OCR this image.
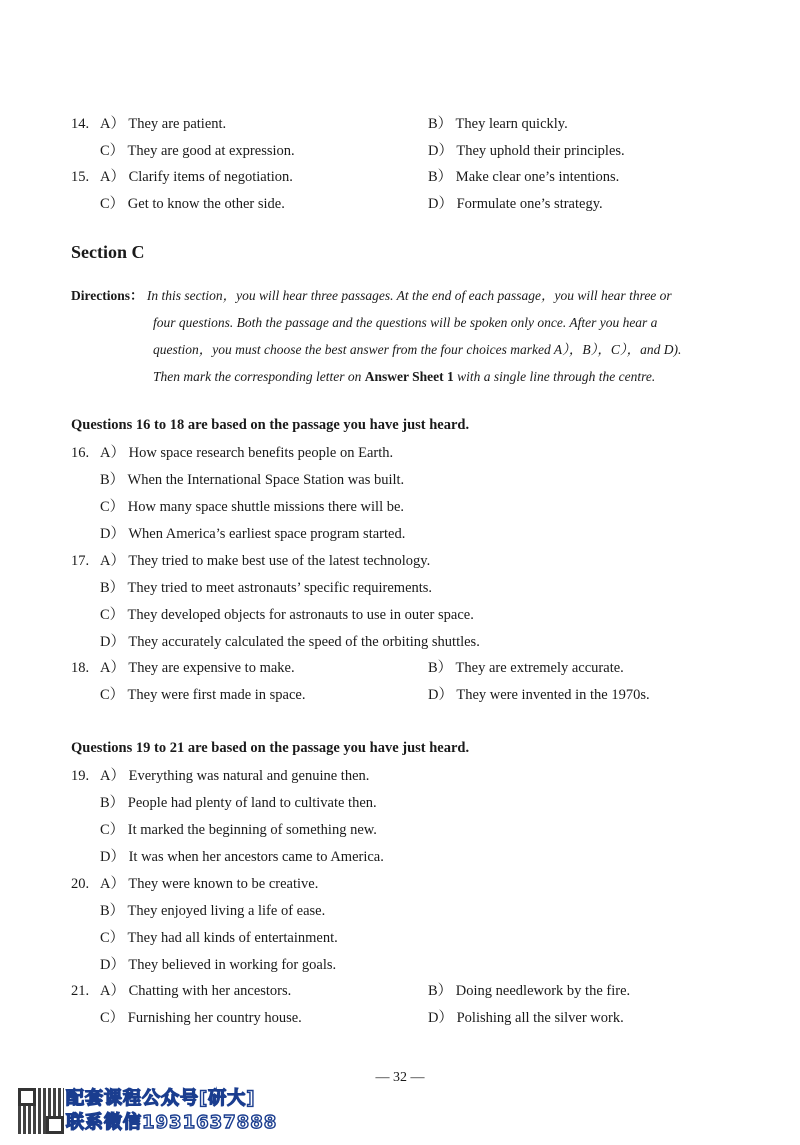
14. A） They are patient.	B） They learn quickly.
C） They are good at expression.	D） They uphold their principles.
15. A） Clarify items of negotiation.	B） Make clear one’s intentions.
C） Get to know the other side.	D） Formulate one’s strategy.
Section C
Directions： In this section，you will hear three passages. At the end of each passage，you will hear three or
four questions. Both the passage and the questions will be spoken only once. After you hear a
question，you must choose the best answer from the four choices marked A），B），C），and D).
Then mark the corresponding letter on Answer Sheet 1 with a single line through the centre.
Questions 16 to 18 are based on the passage you have just heard.
16. A） How space research benefits people on Earth.
B） When the International Space Station was built.
C） How many space shuttle missions there will be.
D） When America’s earliest space program started.
17. A） They tried to make best use of the latest technology.
B） They tried to meet astronauts’ specific requirements.
C） They developed objects for astronauts to use in outer space.
D） They accurately calculated the speed of the orbiting shuttles.
18. A） They are expensive to make.	B） They are extremely accurate.
C） They were first made in space.	D） They were invented in the 1970s.
Questions 19 to 21 are based on the passage you have just heard.
19. A） Everything was natural and genuine then.
B） People had plenty of land to cultivate then.
C） It marked the beginning of something new.
D） It was when her ancestors came to America.
20. A） They were known to be creative.
B） They enjoyed living a life of ease.
C） They had all kinds of entertainment.
D） They believed in working for goals.
21. A） Chatting with her ancestors.	B） Doing needlework by the fire.
C） Furnishing her country house.	D） Polishing all the silver work.
— 32 —
配套课程公众号[研大]
联系微信1931637888
